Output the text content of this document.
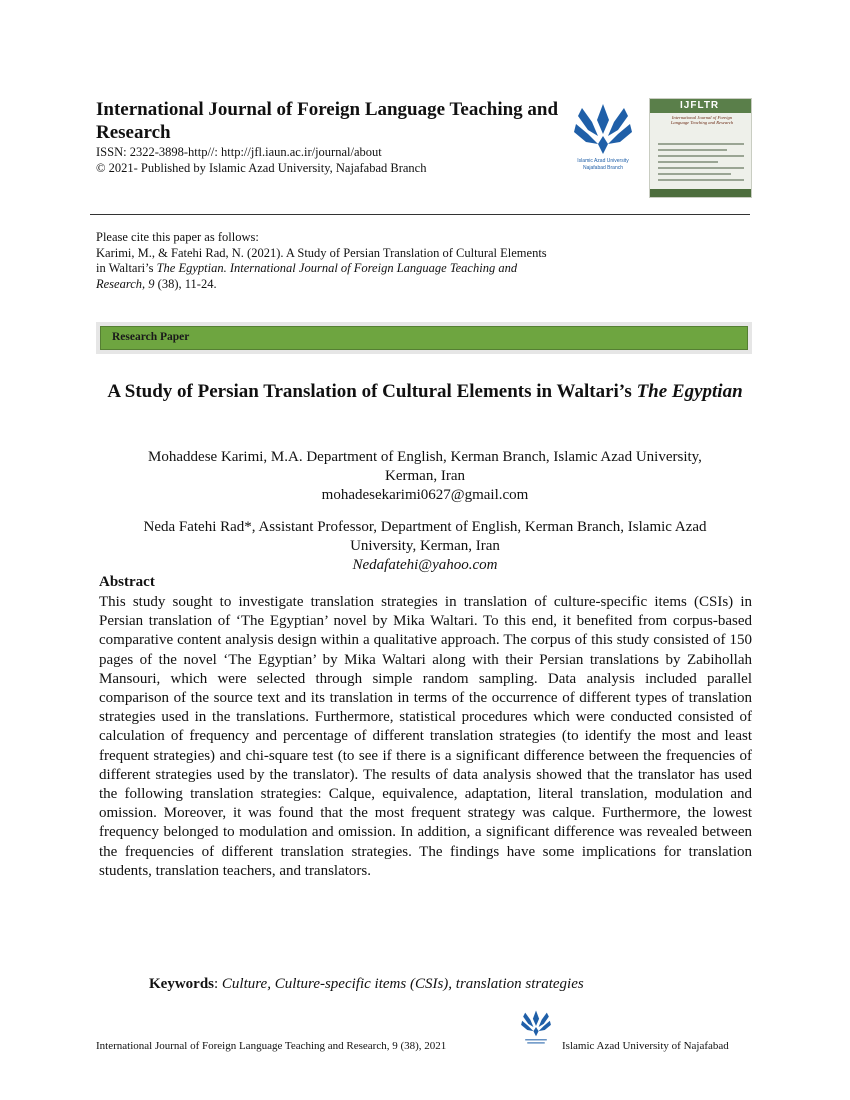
International Journal of Foreign Language Teaching and Research
ISSN: 2322-3898-http//: http://jfl.iaun.ac.ir/journal/about
© 2021- Published by Islamic Azad University, Najafabad Branch	Islamic Azad University
Najafabad Branch
IJFLTR
International Journal of Foreign Language Teaching and Research
Please cite this paper as follows:
Karimi, M., & Fatehi Rad, N. (2021). A Study of Persian Translation of Cultural Elements
in Waltari’s The Egyptian. International Journal of Foreign Language Teaching and
Research, 9 (38), 11-24.
Research Paper
A Study of Persian Translation of Cultural Elements in Waltari’s The Egyptian
Mohaddese Karimi, M.A. Department of English, Kerman Branch, Islamic Azad University,
Kerman, Iran
mohadesekarimi0627@gmail.com
Neda Fatehi Rad*, Assistant Professor, Department of English, Kerman Branch, Islamic Azad
University, Kerman, Iran
Nedafatehi@yahoo.com
Abstract
This study sought to investigate translation strategies in translation of culture-specific items (CSIs) in Persian translation of ‘The Egyptian’ novel by Mika Waltari. To this end, it benefited from corpus-based comparative content analysis design within a qualitative approach. The corpus of this study consisted of 150 pages of the novel ‘The Egyptian’ by Mika Waltari along with their Persian translations by Zabihollah Mansouri, which were selected through simple random sampling. Data analysis included parallel comparison of the source text and its translation in terms of the occurrence of different types of translation strategies used in the translations. Furthermore, statistical procedures which were conducted consisted of calculation of frequency and percentage of different translation strategies (to identify the most and least frequent strategies) and chi-square test (to see if there is a significant difference between the frequencies of different strategies used by the translator). The results of data analysis showed that the translator has used the following translation strategies: Calque, equivalence, adaptation, literal translation, modulation and omission. Moreover, it was found that the most frequent strategy was calque. Furthermore, the lowest frequency belonged to modulation and omission. In addition, a significant difference was revealed between the frequencies of different translation strategies. The findings have some implications for translation students, translation teachers, and translators.
Keywords: Culture, Culture-specific items (CSIs), translation strategies
International Journal of Foreign Language Teaching and Research, 9 (38), 2021	Islamic Azad University of Najafabad
